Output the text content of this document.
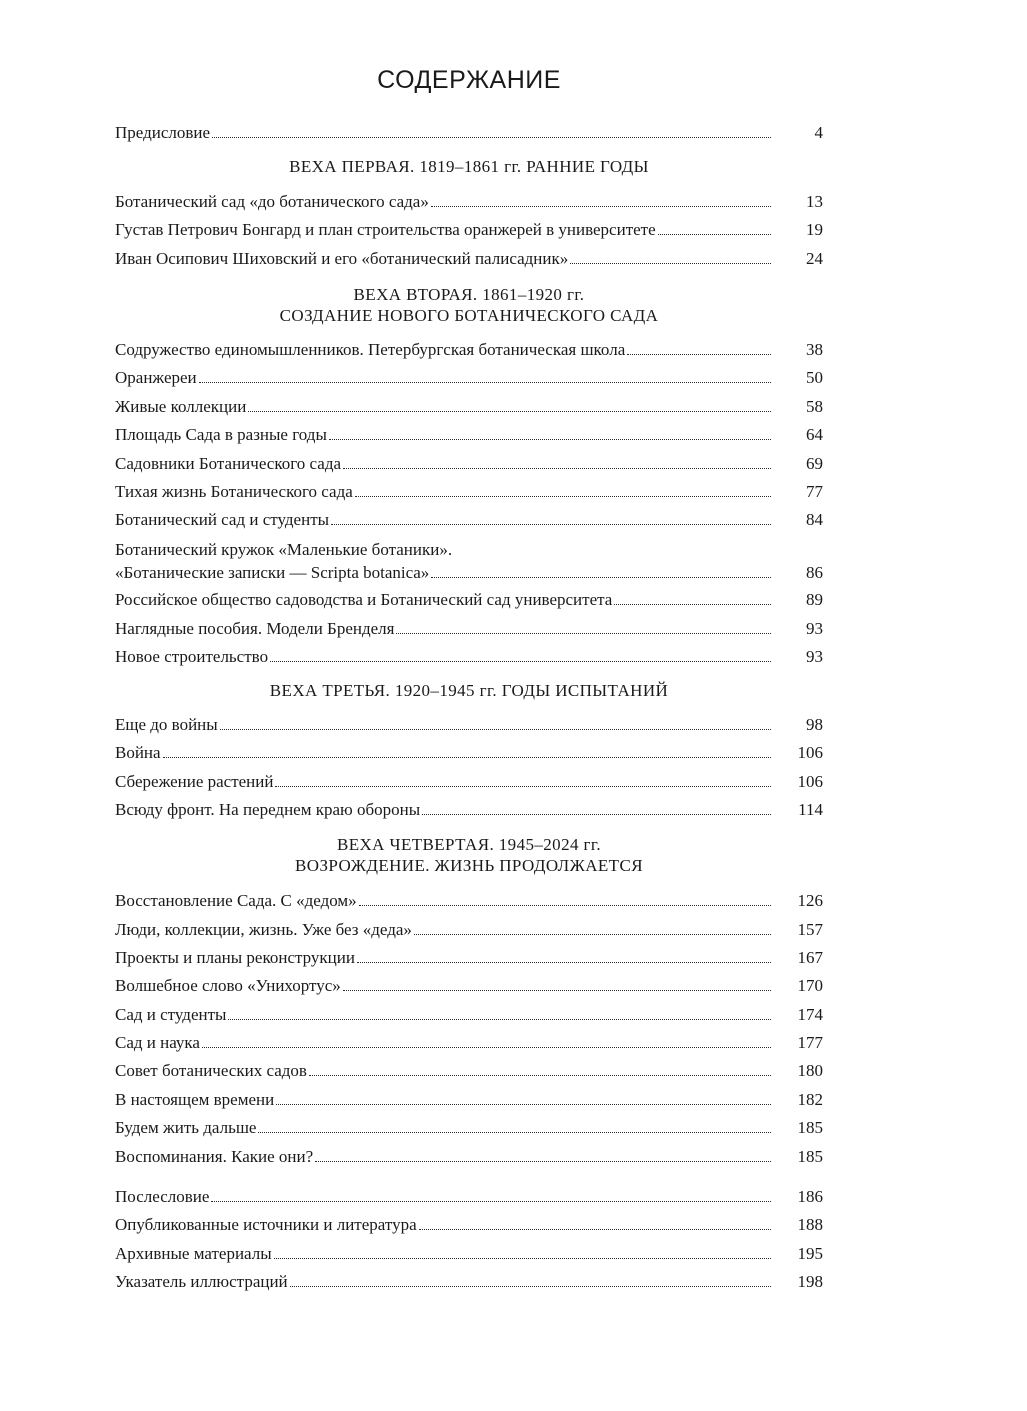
СОДЕРЖАНИЕ
Предисловие	4
ВЕХА ПЕРВАЯ. 1819–1861 гг. РАННИЕ ГОДЫ
Ботанический сад «до ботанического сада»	13
Густав Петрович Бонгард и план строительства оранжерей в университете	19
Иван Осипович Шиховский и его «ботанический палисадник»	24
ВЕХА ВТОРАЯ. 1861–1920 гг.
СОЗДАНИЕ НОВОГО БОТАНИЧЕСКОГО САДА
Содружество единомышленников. Петербургская ботаническая школа	38
Оранжереи	50
Живые коллекции	58
Площадь Сада в разные годы	64
Садовники Ботанического сада	69
Тихая жизнь Ботанического сада	77
Ботанический сад и студенты	84
Ботанический кружок «Маленькие ботаники».
«Ботанические записки — Scripta botanica»	86
Российское общество садоводства и Ботанический сад университета	89
Наглядные пособия. Модели Бренделя	93
Новое строительство	93
ВЕХА ТРЕТЬЯ. 1920–1945 гг. ГОДЫ ИСПЫТАНИЙ
Еще до войны	98
Война	106
Сбережение растений	106
Всюду фронт. На переднем краю обороны	114
ВЕХА ЧЕТВЕРТАЯ. 1945–2024 гг.
ВОЗРОЖДЕНИЕ. ЖИЗНЬ ПРОДОЛЖАЕТСЯ
Восстановление Сада. С «дедом»	126
Люди, коллекции, жизнь. Уже без «деда»	157
Проекты и планы реконструкции	167
Волшебное слово «Унихортус»	170
Сад и студенты	174
Сад и наука	177
Совет ботанических садов	180
В настоящем времени	182
Будем жить дальше	185
Воспоминания. Какие они?	185
Послесловие	186
Опубликованные источники и литература	188
Архивные материалы	195
Указатель иллюстраций	198
